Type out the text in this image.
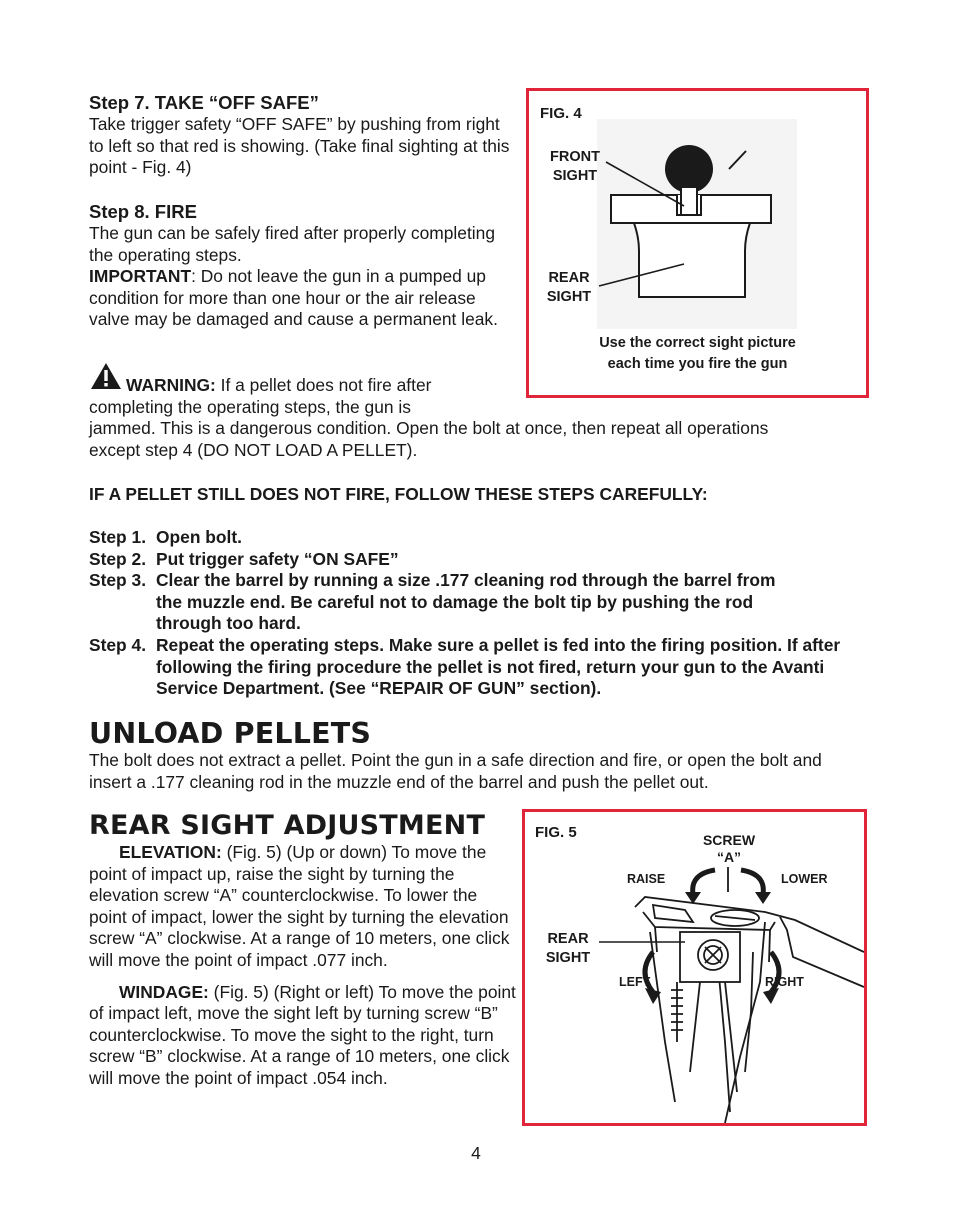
Step 7. TAKE “OFF SAFE”

Take trigger safety “OFF SAFE” by pushing from right to left so that red is showing. (Take final sighting at this point - Fig. 4)

Step 8. FIRE

The gun can be safely fired after properly completing the operating steps.

IMPORTANT: Do not leave the gun in a pumped up condition for more than one hour or the air release valve may be damaged and cause a permanent leak.

WARNING: If a pellet does not fire after

completing the operating steps, the gun is

jammed. This is a dangerous condition. Open the bolt at once, then repeat all operations

except step 4 (DO NOT LOAD A PELLET).

FIG. 4
FRONT
SIGHT
REAR
SIGHT
Use the correct sight picture
each time you fire the gun
IF A PELLET STILL DOES NOT FIRE, FOLLOW THESE STEPS CAREFULLY:
Step 1. Open bolt.
Step 2. Put trigger safety “ON SAFE”
Step 3. Clear the barrel by running a size .177 cleaning rod through the barrel from the muzzle end. Be careful not to damage the bolt tip by pushing the rod through too hard.
Step 4. Repeat the operating steps. Make sure a pellet is fed into the firing position. If after following the firing procedure the pellet is not fired, return your gun to the Avanti Service Department. (See “REPAIR OF GUN” section).
UNLOAD PELLETS

The bolt does not extract a pellet. Point the gun in a safe direction and fire, or open the bolt and insert a .177 cleaning rod in the muzzle end of the barrel and push the pellet out.

REAR SIGHT ADJUSTMENT

ELEVATION: (Fig. 5) (Up or down) To move the point of impact up, raise the sight by turning the elevation screw “A” counterclockwise. To lower the point of impact, lower the sight by turning the elevation screw “A” clockwise. At a range of 10 meters, one click will move the point of impact .077 inch.

WINDAGE: (Fig. 5) (Right or left) To move the point of impact left, move the sight left by turning screw “B” counterclockwise. To move the sight to the right, turn screw “B” clockwise. At a range of 10 meters, one click will move the point of impact .054 inch.

FIG. 5	SCREW
“A”
RAISE	LOWER
REAR
SIGHT
LEFT	RIGHT
4
